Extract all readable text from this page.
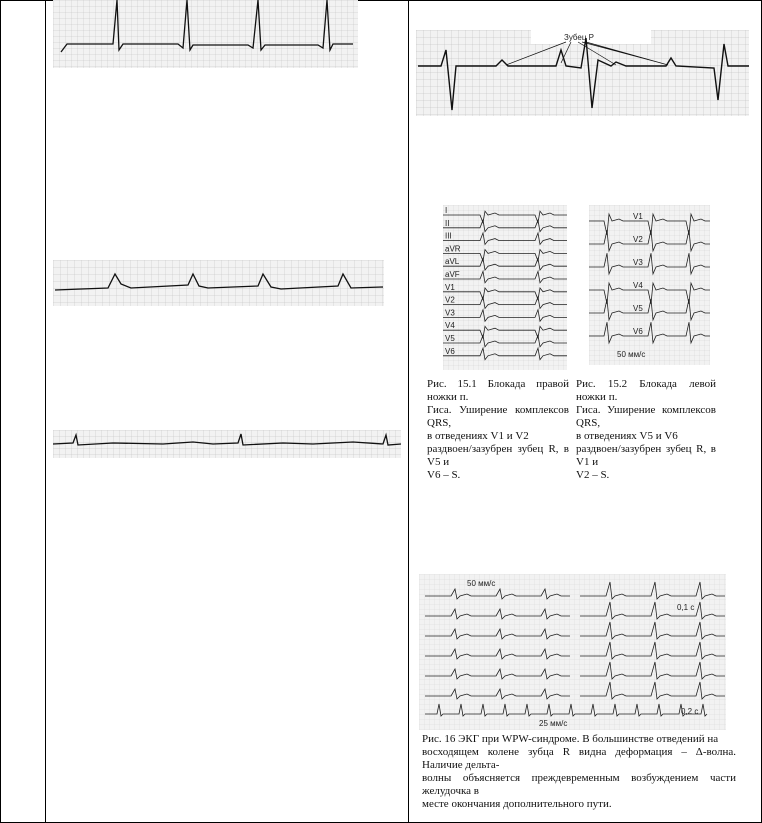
Зубец Р
I
II
III
aVR
aVL
aVF
V1
V2
V3
V4
V5
V6	50 мм/с
V1
V2
V3
V4
V5
V6
Рис. 15.1 Блокада правой ножки п.
Гиса. Уширение комплексов QRS,
в отведениях V1 и V2
раздвоен/зазубрен зубец R, в V5 и
V6 – S.
Рис. 15.2 Блокада левой ножки п.
Гиса. Уширение комплексов QRS,
в отведениях V5 и V6
раздвоен/зазубрен зубец R, в V1 и
V2 – S.
50 мм/с
25 мм/с
0,1 с
0,2 с
Рис. 16 ЭКГ при WPW-синдроме. В большинстве отведений на
восходящем колене зубца R видна деформация – Δ-волна. Наличие дельта-
волны объясняется преждевременным возбуждением части желудочка в
месте окончания дополнительного пути.
